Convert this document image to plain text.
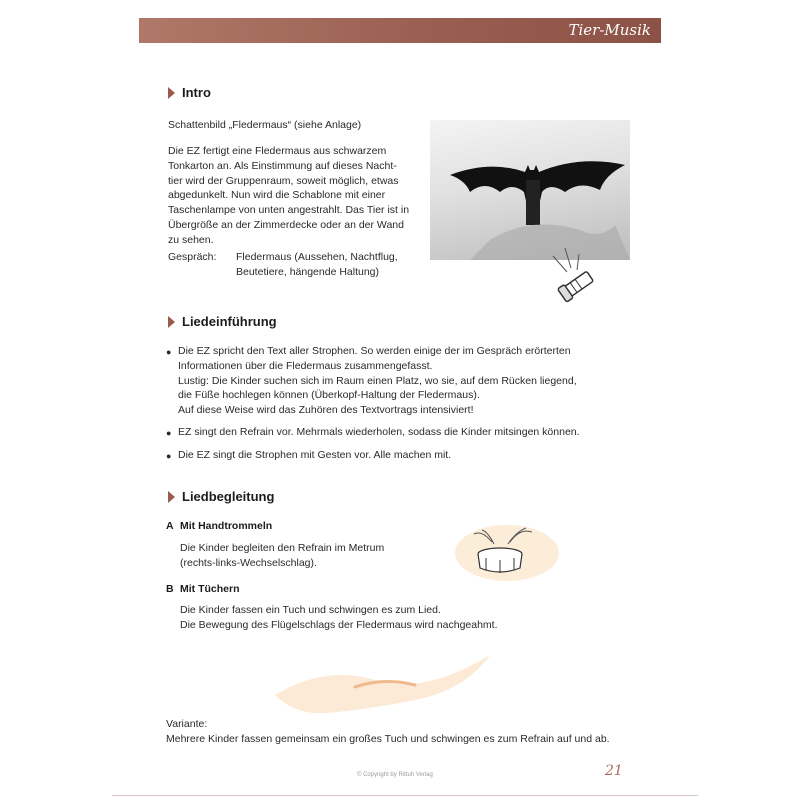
Tier-Musik
Intro
Schattenbild „Fledermaus“ (siehe Anlage)
Die EZ fertigt eine Fledermaus aus schwarzem
Tonkarton an. Als Einstimmung auf dieses Nacht-
tier wird der Gruppenraum, soweit möglich, etwas
abgedunkelt. Nun wird die Schablone mit einer
Taschenlampe von unten angestrahlt. Das Tier ist in
Übergröße an der Zimmerdecke oder an der Wand
zu sehen.
Gespräch: Fledermaus (Aussehen, Nachtflug,
Beutetiere, hängende Haltung)
Liedeinführung
● Die EZ spricht den Text aller Strophen. So werden einige der im Gespräch erörterten
Informationen über die Fledermaus zusammengefasst.
Lustig: Die Kinder suchen sich im Raum einen Platz, wo sie, auf dem Rücken liegend,
die Füße hochlegen können (Überkopf-Haltung der Fledermaus).
Auf diese Weise wird das Zuhören des Textvortrags intensiviert!
● EZ singt den Refrain vor. Mehrmals wiederholen, sodass die Kinder mitsingen können.
● Die EZ singt die Strophen mit Gesten vor. Alle machen mit.
Liedbegleitung
A Mit Handtrommeln
Die Kinder begleiten den Refrain im Metrum
(rechts-links-Wechselschlag).
B Mit Tüchern
Die Kinder fassen ein Tuch und schwingen es zum Lied.
Die Bewegung des Flügelschlags der Fledermaus wird nachgeahmt.
Variante:
Mehrere Kinder fassen gemeinsam ein großes Tuch und schwingen es zum Refrain auf und ab.
© Copyright by Rittuh Verlag	21
